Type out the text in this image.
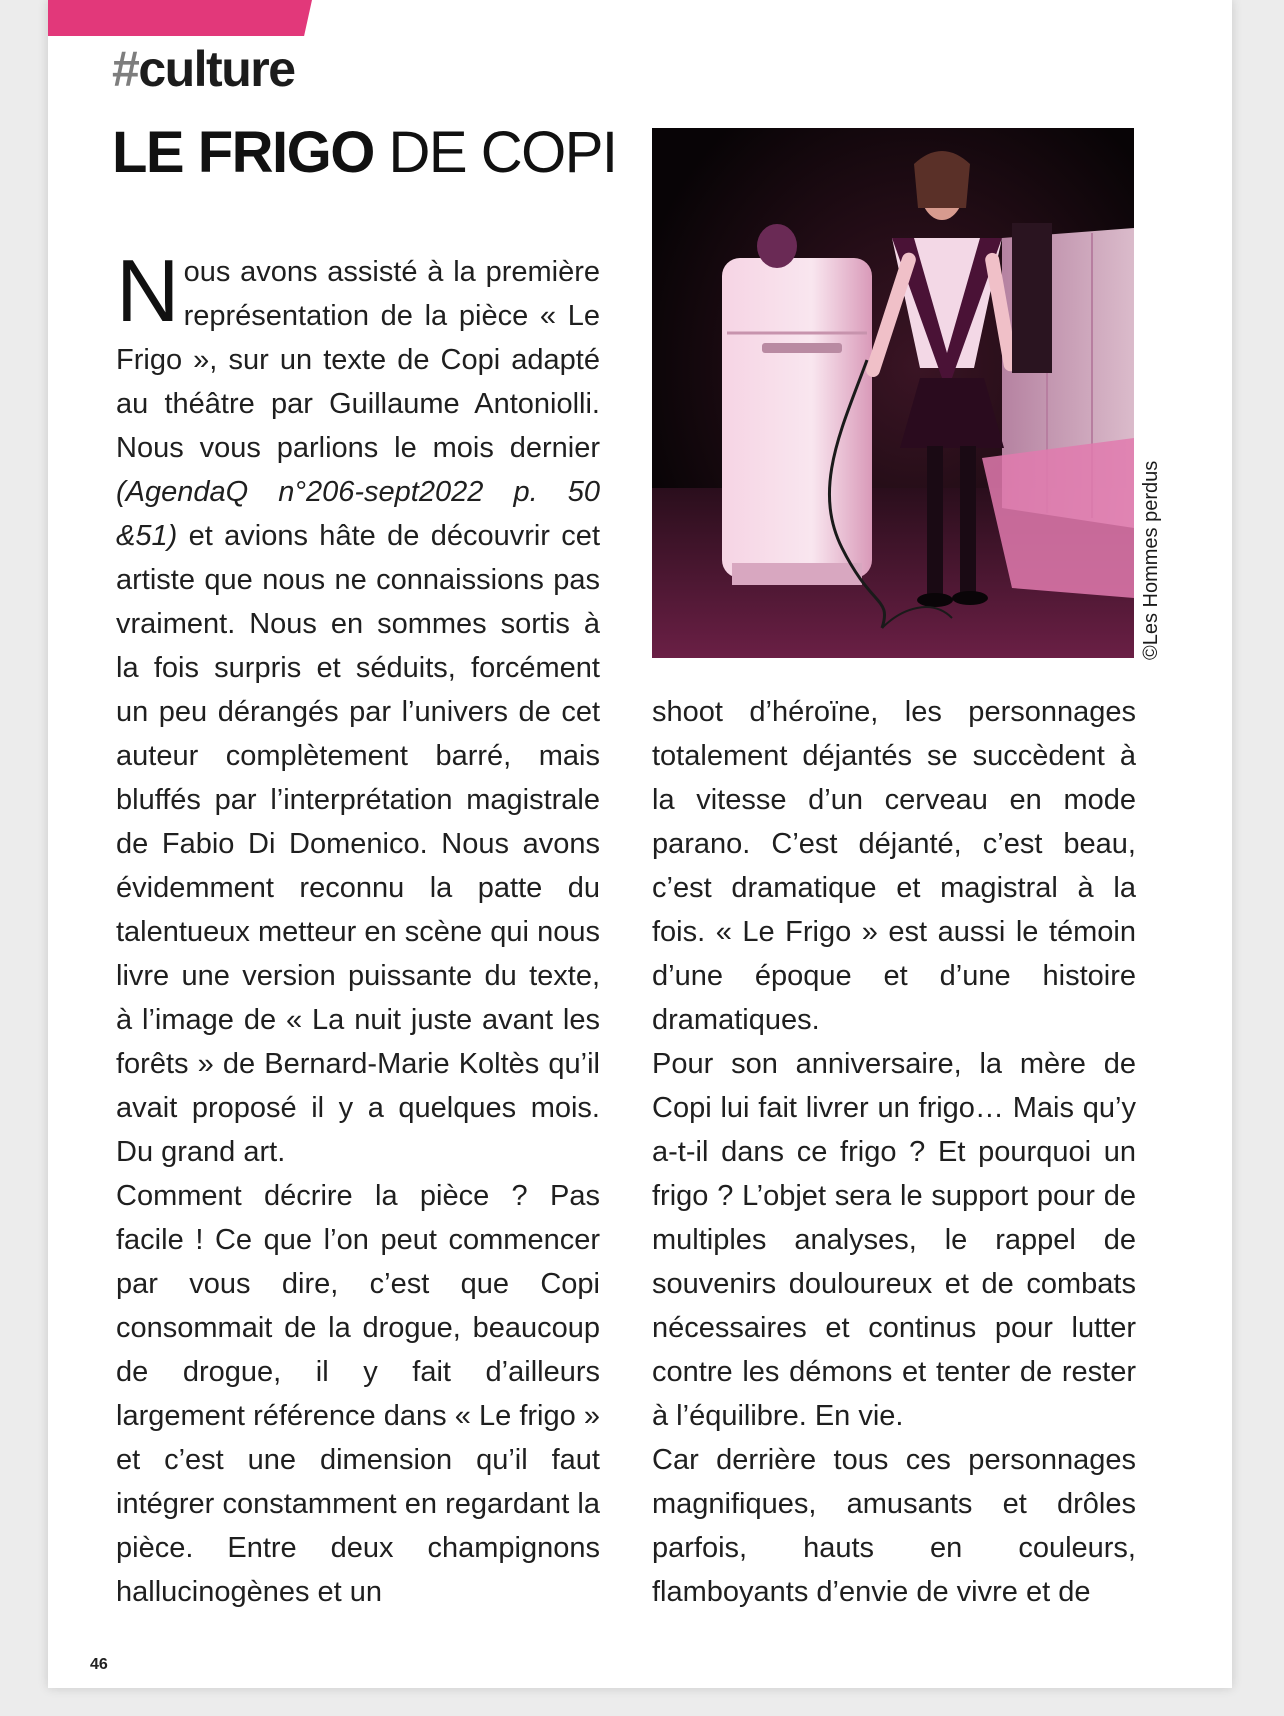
#culture
LE FRIGO DE COPI

Nous avons assisté à la première représentation de la pièce « Le Frigo », sur un texte de Copi adapté au théâtre par Guillaume Antoniolli. Nous vous parlions le mois dernier (AgendaQ n°206-sept2022 p. 50 &51) et avions hâte de découvrir cet artiste que nous ne connaissions pas vraiment. Nous en sommes sortis à la fois surpris et séduits, forcément un peu dérangés par l’univers de cet auteur complètement barré, mais bluffés par l’interprétation magistrale de Fabio Di Domenico. Nous avons évidemment reconnu la patte du talentueux metteur en scène qui nous livre une version puissante du texte, à l’image de « La nuit juste avant les forêts » de Bernard-Marie Koltès qu’il avait proposé il y a quelques mois. Du grand art.

Comment décrire la pièce ? Pas facile ! Ce que l’on peut commencer par vous dire, c’est que Copi consommait de la drogue, beaucoup de drogue, il y fait d’ailleurs largement référence dans « Le frigo » et c’est une dimension qu’il faut intégrer constamment en regardant la pièce. Entre deux champignons hallucinogènes et un

©Les Hommes perdus

shoot d’héroïne, les personnages totalement déjantés se succèdent à la vitesse d’un cerveau en mode parano. C’est déjanté, c’est beau, c’est dramatique et magistral à la fois. « Le Frigo » est aussi le témoin d’une époque et d’une histoire dramatiques.

Pour son anniversaire, la mère de Copi lui fait livrer un frigo… Mais qu’y a-t-il dans ce frigo ? Et pourquoi un frigo ? L’objet sera le support pour de multiples analyses, le rappel de souvenirs douloureux et de combats nécessaires et continus pour lutter contre les démons et tenter de rester à l’équilibre. En vie.

Car derrière tous ces personnages magnifiques, amusants et drôles parfois, hauts en couleurs, flamboyants d’envie de vivre et de

46
